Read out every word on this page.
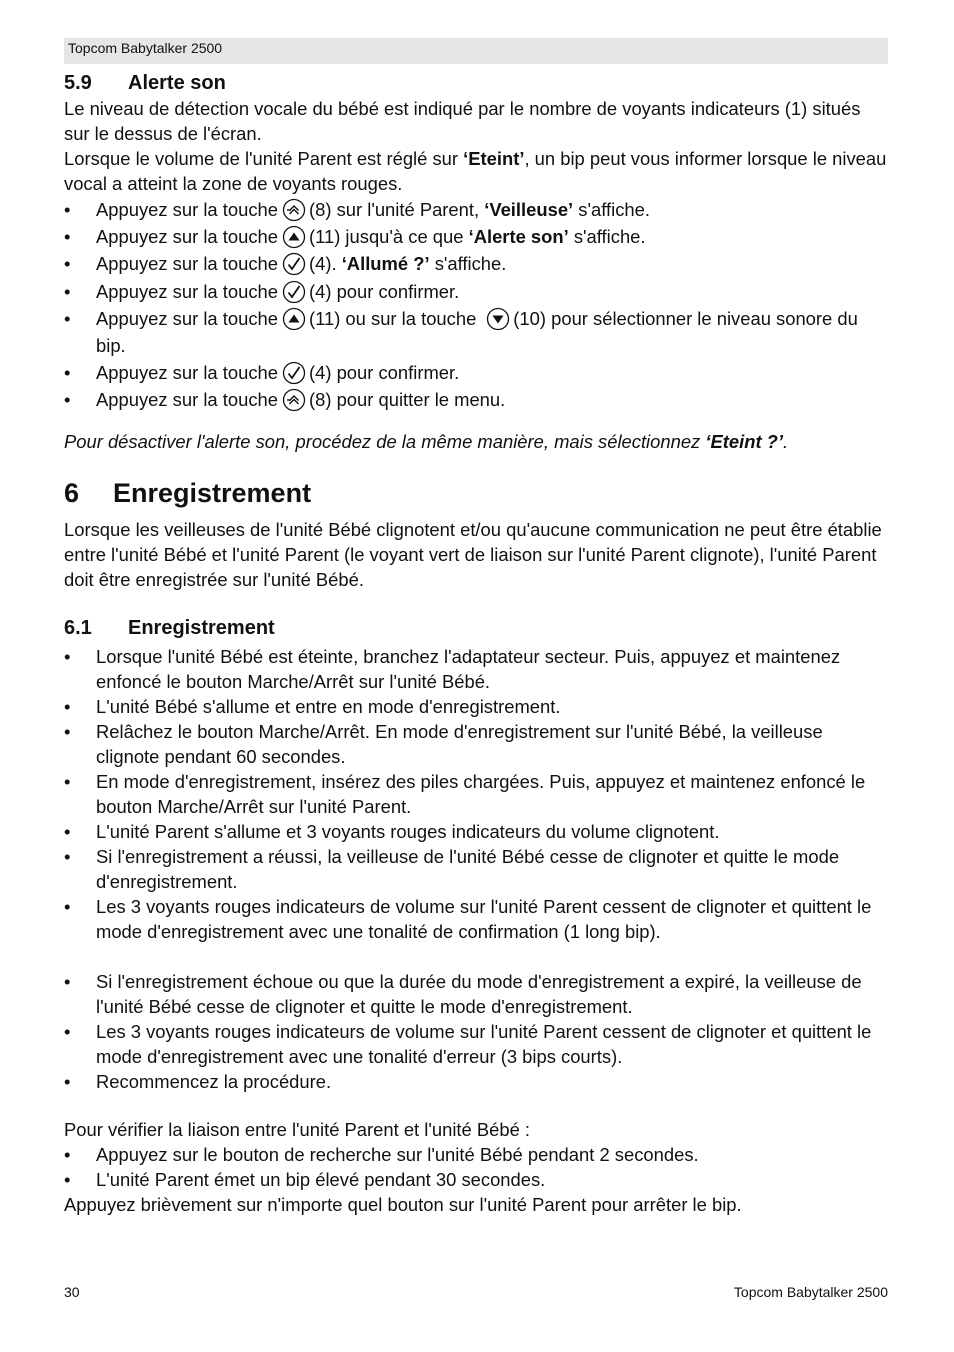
Topcom Babytalker 2500
5.9 Alerte son

Le niveau de détection vocale du bébé est indiqué par le nombre de voyants indicateurs (1) situés sur le dessus de l'écran.

Lorsque le volume de l'unité Parent est réglé sur ‘Eteint’, un bip peut vous informer lorsque le niveau vocal a atteint la zone de voyants rouges.

• Appuyez sur la touche (8) sur l'unité Parent, ‘Veilleuse’ s'affiche.
• Appuyez sur la touche (11) jusqu'à ce que ‘Alerte son’ s'affiche.
• Appuyez sur la touche (4). ‘Allumé ?’ s'affiche.
• Appuyez sur la touche (4) pour confirmer.
• Appuyez sur la touche (11) ou sur la touche (10) pour sélectionner le niveau sonore du bip.
• Appuyez sur la touche (4) pour confirmer.
• Appuyez sur la touche (8) pour quitter le menu.

Pour désactiver l'alerte son, procédez de la même manière, mais sélectionnez ‘Eteint ?’.

6 Enregistrement

Lorsque les veilleuses de l'unité Bébé clignotent et/ou qu'aucune communication ne peut être établie entre l'unité Bébé et l'unité Parent (le voyant vert de liaison sur l'unité Parent clignote), l'unité Parent doit être enregistrée sur l'unité Bébé.

6.1 Enregistrement
• Lorsque l'unité Bébé est éteinte, branchez l'adaptateur secteur. Puis, appuyez et maintenez enfoncé le bouton Marche/Arrêt sur l'unité Bébé.
• L'unité Bébé s'allume et entre en mode d'enregistrement.
• Relâchez le bouton Marche/Arrêt. En mode d'enregistrement sur l'unité Bébé, la veilleuse clignote pendant 60 secondes.
• En mode d'enregistrement, insérez des piles chargées. Puis, appuyez et maintenez enfoncé le bouton Marche/Arrêt sur l'unité Parent.
• L'unité Parent s'allume et 3 voyants rouges indicateurs du volume clignotent.
• Si l'enregistrement a réussi, la veilleuse de l'unité Bébé cesse de clignoter et quitte le mode d'enregistrement.
• Les 3 voyants rouges indicateurs de volume sur l'unité Parent cessent de clignoter et quittent le mode d'enregistrement avec une tonalité de confirmation (1 long bip).
• Si l'enregistrement échoue ou que la durée du mode d'enregistrement a expiré, la veilleuse de l'unité Bébé cesse de clignoter et quitte le mode d'enregistrement.
• Les 3 voyants rouges indicateurs de volume sur l'unité Parent cessent de clignoter et quittent le mode d'enregistrement avec une tonalité d'erreur (3 bips courts).
• Recommencez la procédure.

Pour vérifier la liaison entre l'unité Parent et l'unité Bébé :

• Appuyez sur le bouton de recherche sur l'unité Bébé pendant 2 secondes.
• L'unité Parent émet un bip élevé pendant 30 secondes.

Appuyez brièvement sur n'importe quel bouton sur l'unité Parent pour arrêter le bip.

30	Topcom Babytalker 2500
